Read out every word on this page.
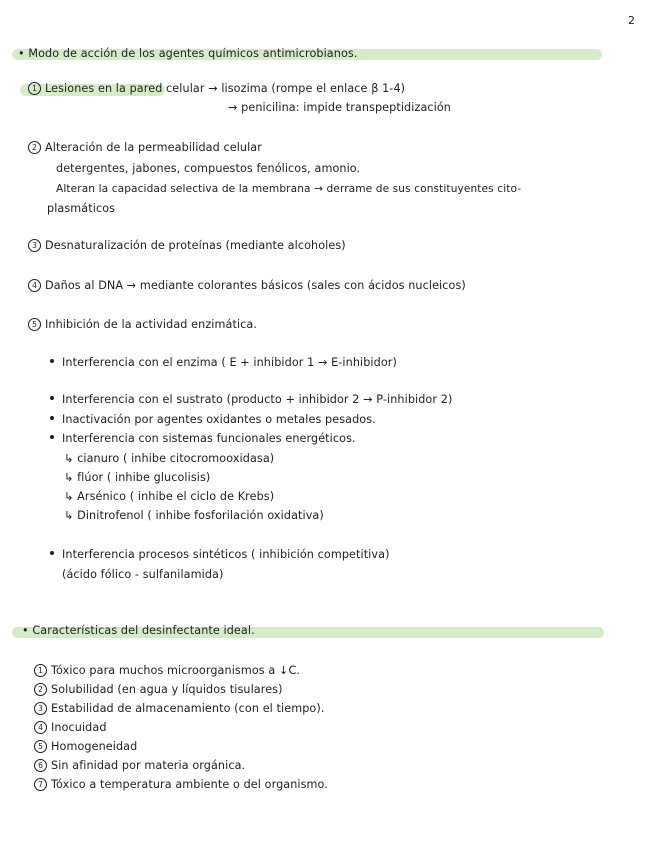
2
• Modo de acción de los agentes químicos antimicrobianos.
1 Lesiones en la pared celular → lisozima (rompe el enlace β 1-4)
→ penicilina: impide transpeptidización
2 Alteración de la permeabilidad celular
detergentes, jabones, compuestos fenólicos, amonio.
Alteran la capacidad selectiva de la membrana → derrame de sus constituyentes cito-
plasmáticos
3 Desnaturalización de proteínas (mediante alcoholes)
4 Daños al DNA → mediante colorantes básicos (sales con ácidos nucleicos)
5 Inhibición de la actividad enzimática.
Interferencia con el enzima ( E + inhibidor 1 → E-inhibidor)
Interferencia con el sustrato (producto + inhibidor 2 → P-inhibidor 2)
Inactivación por agentes oxidantes o metales pesados.
Interferencia con sistemas funcionales energéticos.
↳ cianuro ( inhibe citocromooxidasa)
↳ flúor ( inhibe glucolisis)
↳ Arsénico ( inhibe el ciclo de Krebs)
↳ Dinitrofenol ( inhibe fosforilación oxidativa)
Interferencia procesos sintéticos ( inhibición competitiva)
(ácido fólico - sulfanilamida)
• Características del desinfectante ideal.
1 Tóxico para muchos microorganismos a ↓C.
2 Solubilidad (en agua y líquidos tisulares)
3 Estabilidad de almacenamiento (con el tiempo).
4 Inocuidad
5 Homogeneidad
6 Sin afinidad por materia orgánica.
7 Tóxico a temperatura ambiente o del organismo.
